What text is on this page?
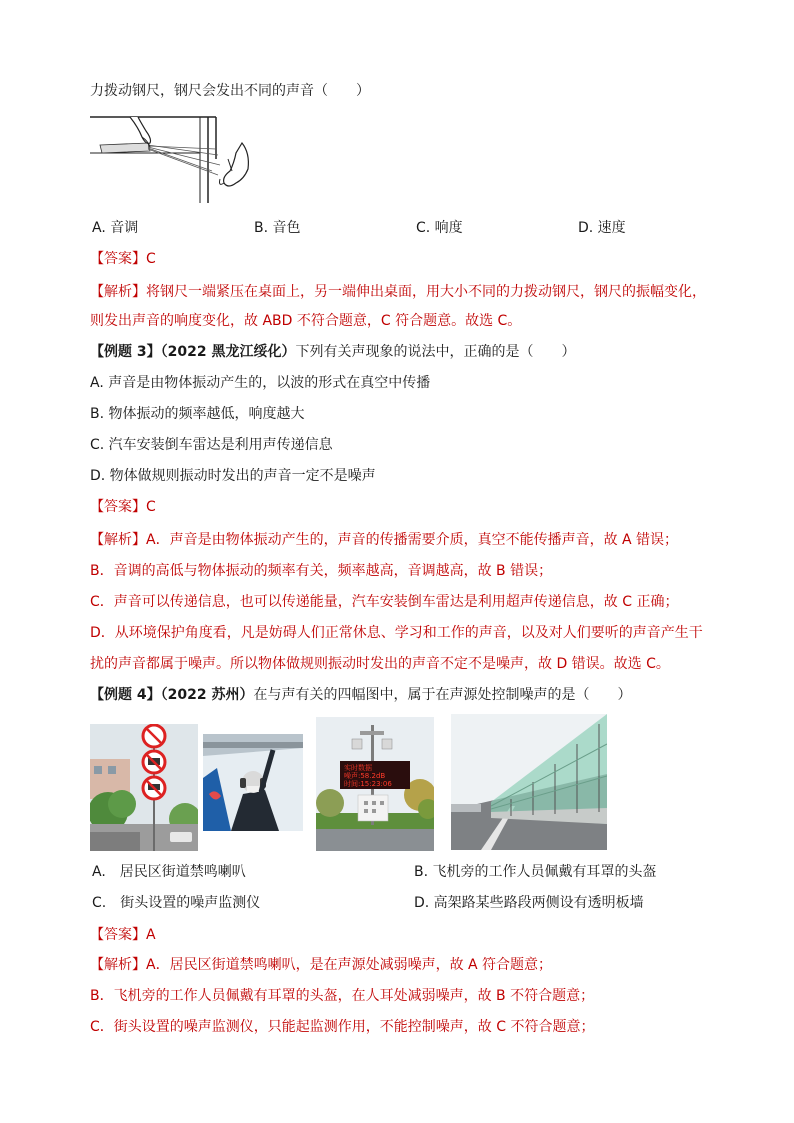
力拨动钢尺，钢尺会发出不同的声音（　　）
A. 音调	B. 音色	C. 响度	D. 速度
【答案】C
【解析】将钢尺一端紧压在桌面上，另一端伸出桌面，用大小不同的力拨动钢尺，钢尺的振幅变化，
则发出声音的响度变化，故 ABD 不符合题意，C 符合题意。故选 C。
【例题 3】（2022 黑龙江绥化）下列有关声现象的说法中，正确的是（　　）
A. 声音是由物体振动产生的，以波的形式在真空中传播
B. 物体振动的频率越低，响度越大
C. 汽车安装倒车雷达是利用声传递信息
D. 物体做规则振动时发出的声音一定不是噪声
【答案】C
【解析】A．声音是由物体振动产生的，声音的传播需要介质，真空不能传播声音，故 A 错误；
B．音调的高低与物体振动的频率有关，频率越高，音调越高，故 B 错误；
C．声音可以传递信息，也可以传递能量，汽车安装倒车雷达是利用超声传递信息，故 C 正确；
D．从环境保护角度看，凡是妨碍人们正常休息、学习和工作的声音，以及对人们要听的声音产生干
扰的声音都属于噪声。所以物体做规则振动时发出的声音不定不是噪声，故 D 错误。故选 C。
【例题 4】（2022 苏州）在与声有关的四幅图中，属于在声源处控制噪声的是（　　）
实时数据
噪声:58.2dB
时间:15:23:06
A.　居民区街道禁鸣喇叭	B. 飞机旁的工作人员佩戴有耳罩的头盔
C.　街头设置的噪声监测仪	D. 高架路某些路段两侧设有透明板墙
【答案】A
【解析】A．居民区街道禁鸣喇叭，是在声源处减弱噪声，故 A 符合题意；
B．飞机旁的工作人员佩戴有耳罩的头盔，在人耳处减弱噪声，故 B 不符合题意；
C．街头设置的噪声监测仪，只能起监测作用，不能控制噪声，故 C 不符合题意；
